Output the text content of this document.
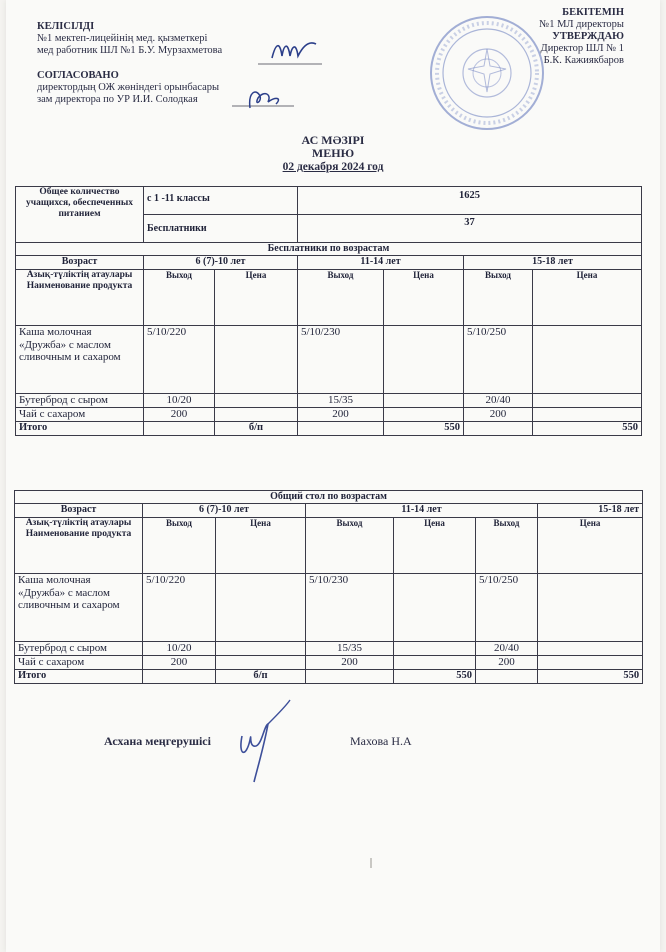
КЕЛІСІЛДІ
№1 мектеп-лицейінің мед. қызметкері
мед работник ШЛ №1 Б.У. Мурзахметова
СОГЛАСОВАНО
директордың ОЖ жөніндегі орынбасары
зам директора по УР И.И. Солодкая
БЕКІТЕМІН
№1 МЛ директоры
УТВЕРЖДАЮ
Директор ШЛ № 1
Б.К. Кажиякбаров
АС МӘЗІРІ
МЕНЮ
02 декабря 2024 год
Общее количество учащихся, обеспеченных питанием	с 1 -11 классы		1625			
	Бесплатники		37			
Бесплатники по возрастам						
Возраст	6 (7)-10 лет		11-14 лет		15-18 лет	
Азық-түліктің атаулары Наименование продукта	Выход	Цена	Выход	Цена	Выход	Цена
Каша молочная «Дружба» с маслом сливочным и сахаром	5/10/220		5/10/230		5/10/250	
Бутерброд с сыром	10/20		15/35		20/40	
Чай с сахаром	200		200		200	
Итого		б/п		550		550
Общий стол по возрастам						
Возраст	6 (7)-10 лет		11-14 лет			15-18 лет
Азық-түліктің атаулары Наименование продукта	Выход	Цена	Выход	Цена	Выход	Цена
Каша молочная «Дружба» с маслом сливочным и сахаром	5/10/220		5/10/230		5/10/250	
Бутерброд с сыром	10/20		15/35		20/40	
Чай с сахаром	200		200		200	
Итого		б/п		550		550
Асхана меңгерушісі	Махова Н.А
